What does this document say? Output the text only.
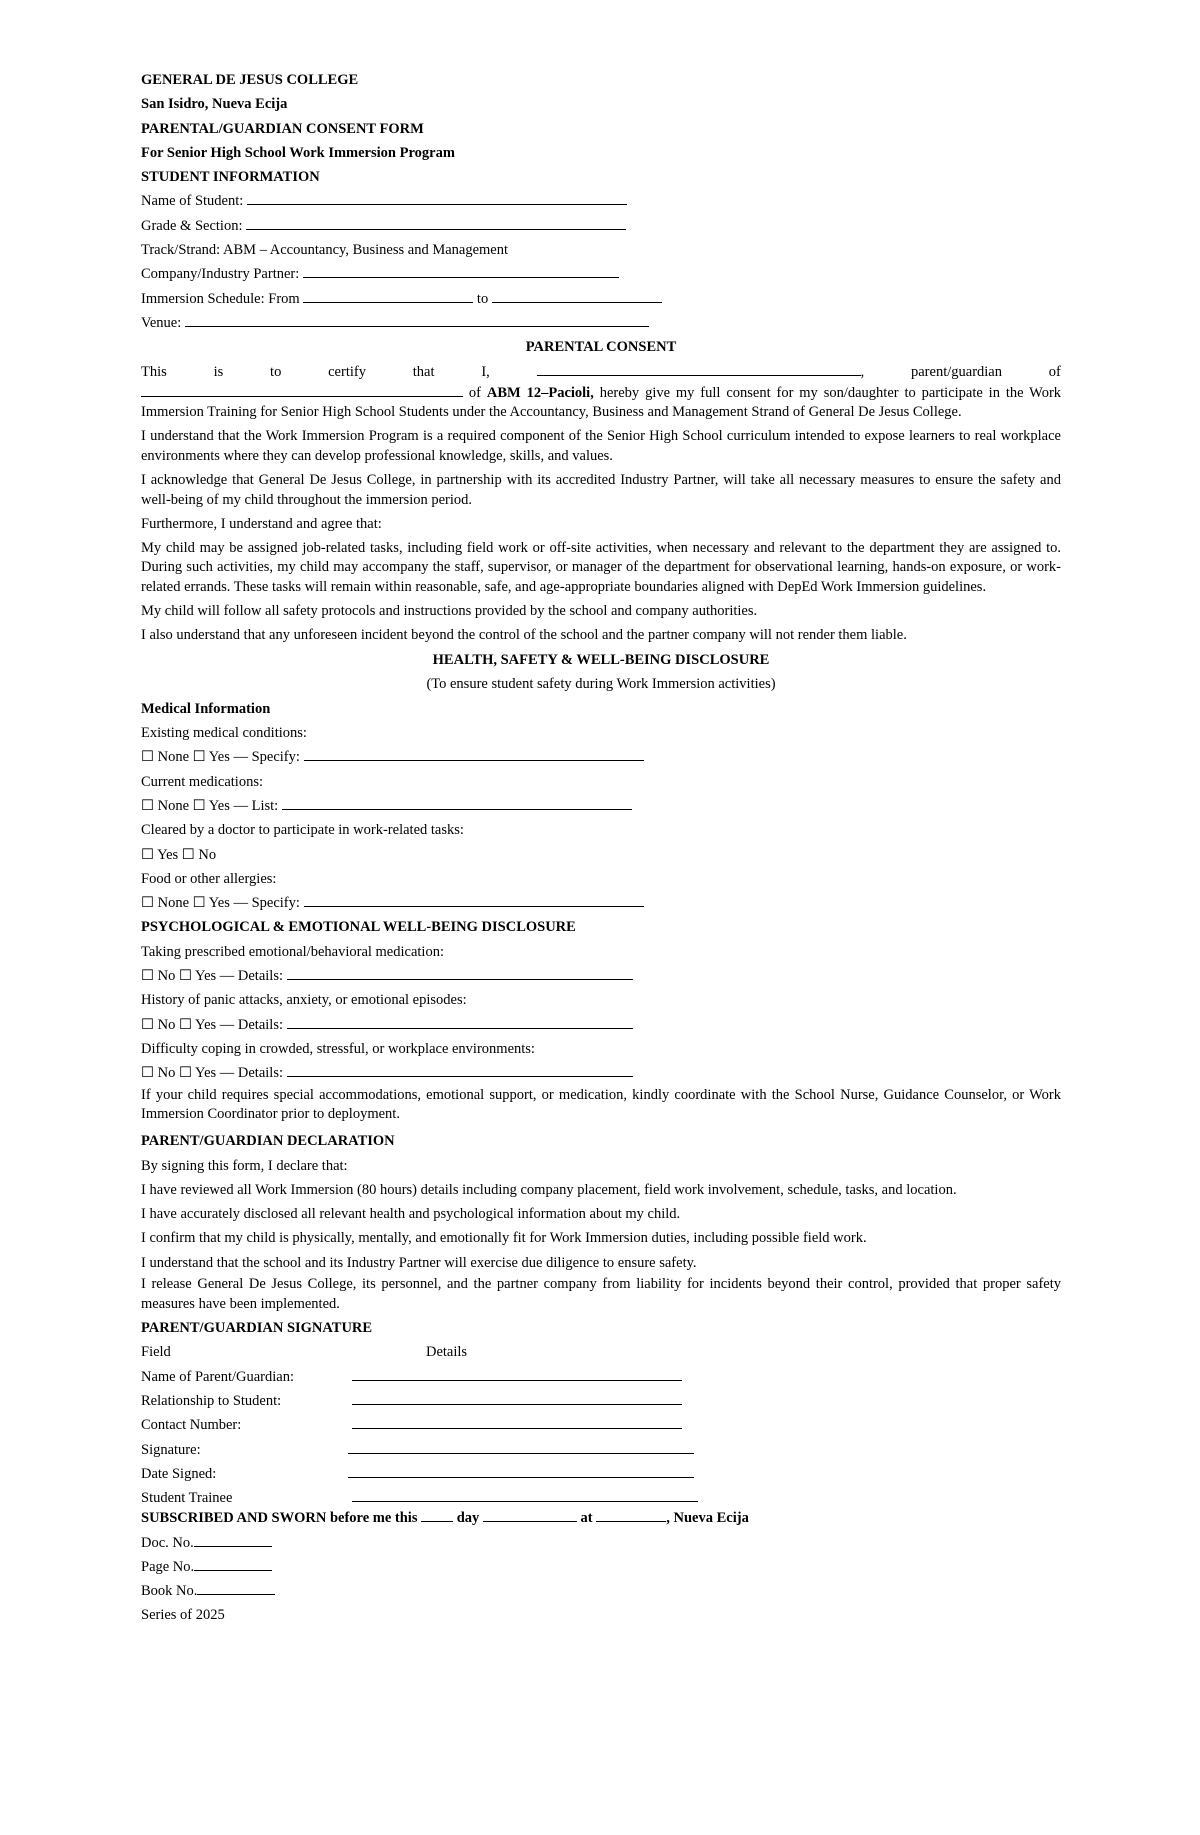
GENERAL DE JESUS COLLEGE
San Isidro, Nueva Ecija
PARENTAL/GUARDIAN CONSENT FORM
For Senior High School Work Immersion Program
STUDENT INFORMATION
Name of Student:
Grade & Section:
Track/Strand: ABM – Accountancy, Business and Management
Company/Industry Partner:
Immersion Schedule: From	to
Venue:
PARENTAL CONSENT
This	is	to	certify	that	I,	,	parent/guardian	of

of ABM 12–Pacioli, hereby give my full consent for my son/daughter to participate in the Work Immersion Training for Senior High School Students under the Accountancy, Business and Management Strand of General De Jesus College.

I understand that the Work Immersion Program is a required component of the Senior High School curriculum intended to expose learners to real workplace environments where they can develop professional knowledge, skills, and values.

I acknowledge that General De Jesus College, in partnership with its accredited Industry Partner, will take all necessary measures to ensure the safety and well-being of my child throughout the immersion period.

Furthermore, I understand and agree that:

My child may be assigned job-related tasks, including field work or off-site activities, when necessary and relevant to the department they are assigned to. During such activities, my child may accompany the staff, supervisor, or manager of the department for observational learning, hands-on exposure, or work-related errands. These tasks will remain within reasonable, safe, and age-appropriate boundaries aligned with DepEd Work Immersion guidelines.

My child will follow all safety protocols and instructions provided by the school and company authorities.

I also understand that any unforeseen incident beyond the control of the school and the partner company will not render them liable.

HEALTH, SAFETY & WELL-BEING DISCLOSURE
(To ensure student safety during Work Immersion activities)
Medical Information
Existing medical conditions:
☐ None ☐ Yes — Specify:
Current medications:
☐ None ☐ Yes — List:
Cleared by a doctor to participate in work-related tasks:
☐ Yes ☐ No
Food or other allergies:
☐ None ☐ Yes — Specify:
PSYCHOLOGICAL & EMOTIONAL WELL-BEING DISCLOSURE
Taking prescribed emotional/behavioral medication:
☐ No ☐ Yes — Details:
History of panic attacks, anxiety, or emotional episodes:
☐ No ☐ Yes — Details:
Difficulty coping in crowded, stressful, or workplace environments:
☐ No ☐ Yes — Details:

If your child requires special accommodations, emotional support, or medication, kindly coordinate with the School Nurse, Guidance Counselor, or Work Immersion Coordinator prior to deployment.

PARENT/GUARDIAN DECLARATION
By signing this form, I declare that:
I have reviewed all Work Immersion (80 hours) details including company placement, field work involvement, schedule, tasks, and location.
I have accurately disclosed all relevant health and psychological information about my child.
I confirm that my child is physically, mentally, and emotionally fit for Work Immersion duties, including possible field work.
I understand that the school and its Industry Partner will exercise due diligence to ensure safety.

I release General De Jesus College, its personnel, and the partner company from liability for incidents beyond their control, provided that proper safety measures have been implemented.

PARENT/GUARDIAN SIGNATURE
Field	Details
Name of Parent/Guardian:
Relationship to Student:
Contact Number:
Signature:
Date Signed:
Student Trainee
SUBSCRIBED AND SWORN before me this	day	at	, Nueva Ecija
Doc. No.
Page No.
Book No.
Series of 2025
